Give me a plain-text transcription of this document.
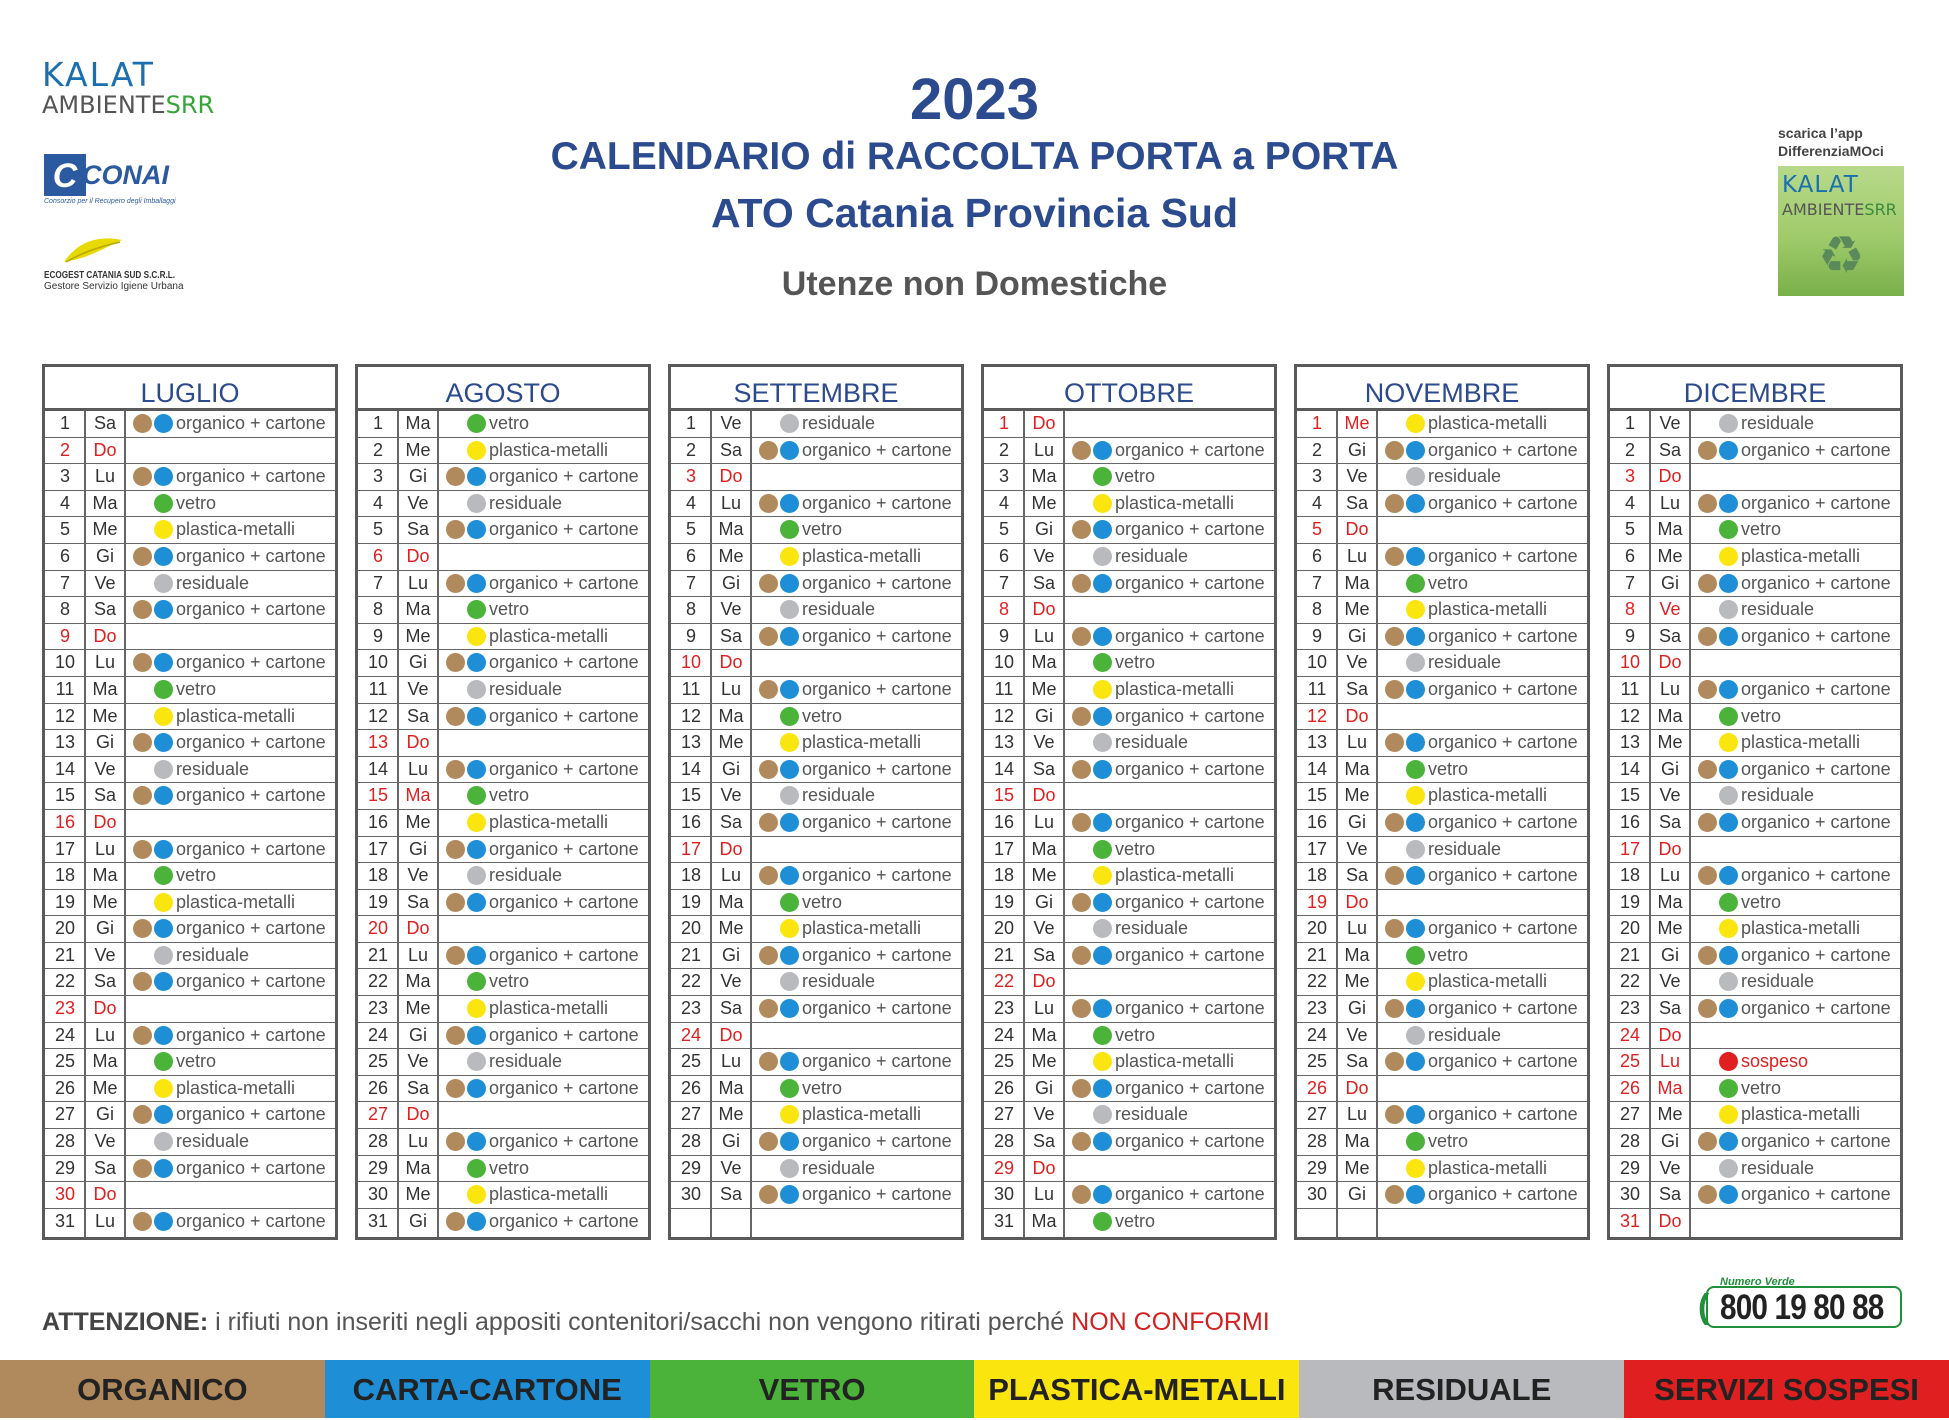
KALAT
AMBIENTESRR
C CONAI
Consorzio per il Recupero degli Imballaggi
ECOGEST CATANIA SUD S.C.R.L.
Gestore Servizio Igiene Urbana
2023
CALENDARIO di RACCOLTA PORTA a PORTA
ATO Catania Provincia Sud
Utenze non Domestiche
scarica l’app
DifferenziaMOci
KALAT
AMBIENTESRR
♻
LUGLIO
1	Sa	organico + cartone
2	Do
3	Lu	organico + cartone
4	Ma	vetro
5	Me	plastica-metalli
6	Gi	organico + cartone
7	Ve	residuale
8	Sa	organico + cartone
9	Do
10	Lu	organico + cartone
11	Ma	vetro
12 Me	plastica-metalli
13	Gi	organico + cartone
14	Ve	residuale
15	Sa	organico + cartone
16	Do
17	Lu	organico + cartone
18 Ma	vetro
19 Me	plastica-metalli
20	Gi	organico + cartone
21	Ve	residuale
22	Sa	organico + cartone
23	Do
24	Lu	organico + cartone
25 Ma	vetro
26 Me	plastica-metalli
27	Gi	organico + cartone
28	Ve	residuale
29	Sa	organico + cartone
30	Do
31	Lu	organico + cartone
AGOSTO
1	Ma	vetro
2	Me	plastica-metalli
3	Gi	organico + cartone
4	Ve	residuale
5	Sa	organico + cartone
6	Do
7	Lu	organico + cartone
8	Ma	vetro
9	Me	plastica-metalli
10	Gi	organico + cartone
11	Ve	residuale
12	Sa	organico + cartone
13	Do
14	Lu	organico + cartone
15 Ma	vetro
16 Me	plastica-metalli
17	Gi	organico + cartone
18	Ve	residuale
19	Sa	organico + cartone
20	Do
21	Lu	organico + cartone
22 Ma	vetro
23 Me	plastica-metalli
24	Gi	organico + cartone
25	Ve	residuale
26	Sa	organico + cartone
27	Do
28	Lu	organico + cartone
29 Ma	vetro
30 Me	plastica-metalli
31	Gi	organico + cartone
SETTEMBRE
1	Ve	residuale
2	Sa	organico + cartone
3	Do
4	Lu	organico + cartone
5	Ma	vetro
6	Me	plastica-metalli
7	Gi	organico + cartone
8	Ve	residuale
9	Sa	organico + cartone
10	Do
11	Lu	organico + cartone
12 Ma	vetro
13 Me	plastica-metalli
14	Gi	organico + cartone
15	Ve	residuale
16	Sa	organico + cartone
17	Do
18	Lu	organico + cartone
19 Ma	vetro
20 Me	plastica-metalli
21	Gi	organico + cartone
22	Ve	residuale
23	Sa	organico + cartone
24	Do
25	Lu	organico + cartone
26 Ma	vetro
27 Me	plastica-metalli
28	Gi	organico + cartone
29	Ve	residuale
30	Sa	organico + cartone
OTTOBRE
1	Do
2	Lu	organico + cartone
3	Ma	vetro
4	Me	plastica-metalli
5	Gi	organico + cartone
6	Ve	residuale
7	Sa	organico + cartone
8	Do
9	Lu	organico + cartone
10 Ma	vetro
11	Me	plastica-metalli
12	Gi	organico + cartone
13	Ve	residuale
14	Sa	organico + cartone
15	Do
16	Lu	organico + cartone
17 Ma	vetro
18 Me	plastica-metalli
19	Gi	organico + cartone
20	Ve	residuale
21	Sa	organico + cartone
22	Do
23	Lu	organico + cartone
24 Ma	vetro
25 Me	plastica-metalli
26	Gi	organico + cartone
27	Ve	residuale
28	Sa	organico + cartone
29	Do
30	Lu	organico + cartone
31 Ma	vetro
NOVEMBRE
1	Me	plastica-metalli
2	Gi	organico + cartone
3	Ve	residuale
4	Sa	organico + cartone
5	Do
6	Lu	organico + cartone
7	Ma	vetro
8	Me	plastica-metalli
9	Gi	organico + cartone
10	Ve	residuale
11	Sa	organico + cartone
12	Do
13	Lu	organico + cartone
14 Ma	vetro
15 Me	plastica-metalli
16	Gi	organico + cartone
17	Ve	residuale
18	Sa	organico + cartone
19	Do
20	Lu	organico + cartone
21 Ma	vetro
22 Me	plastica-metalli
23	Gi	organico + cartone
24	Ve	residuale
25	Sa	organico + cartone
26	Do
27	Lu	organico + cartone
28 Ma	vetro
29 Me	plastica-metalli
30	Gi	organico + cartone
DICEMBRE
1	Ve	residuale
2	Sa	organico + cartone
3	Do
4	Lu	organico + cartone
5	Ma	vetro
6	Me	plastica-metalli
7	Gi	organico + cartone
8	Ve	residuale
9	Sa	organico + cartone
10	Do
11	Lu	organico + cartone
12 Ma	vetro
13 Me	plastica-metalli
14	Gi	organico + cartone
15	Ve	residuale
16	Sa	organico + cartone
17	Do
18	Lu	organico + cartone
19 Ma	vetro
20 Me	plastica-metalli
21	Gi	organico + cartone
22	Ve	residuale
23	Sa	organico + cartone
24	Do
25	Lu	sospeso
26 Ma	vetro
27 Me	plastica-metalli
28	Gi	organico + cartone
29	Ve	residuale
30	Sa	organico + cartone
31	Do
ATTENZIONE: i rifiuti non inseriti negli appositi contenitori/sacchi non vengono ritirati perché NON CONFORMI	(
Numero Verde
800 19 80 88
ORGANICO	CARTA-CARTONE	VETRO	PLASTICA-METALLI	RESIDUALE	SERVIZI SOSPESI
